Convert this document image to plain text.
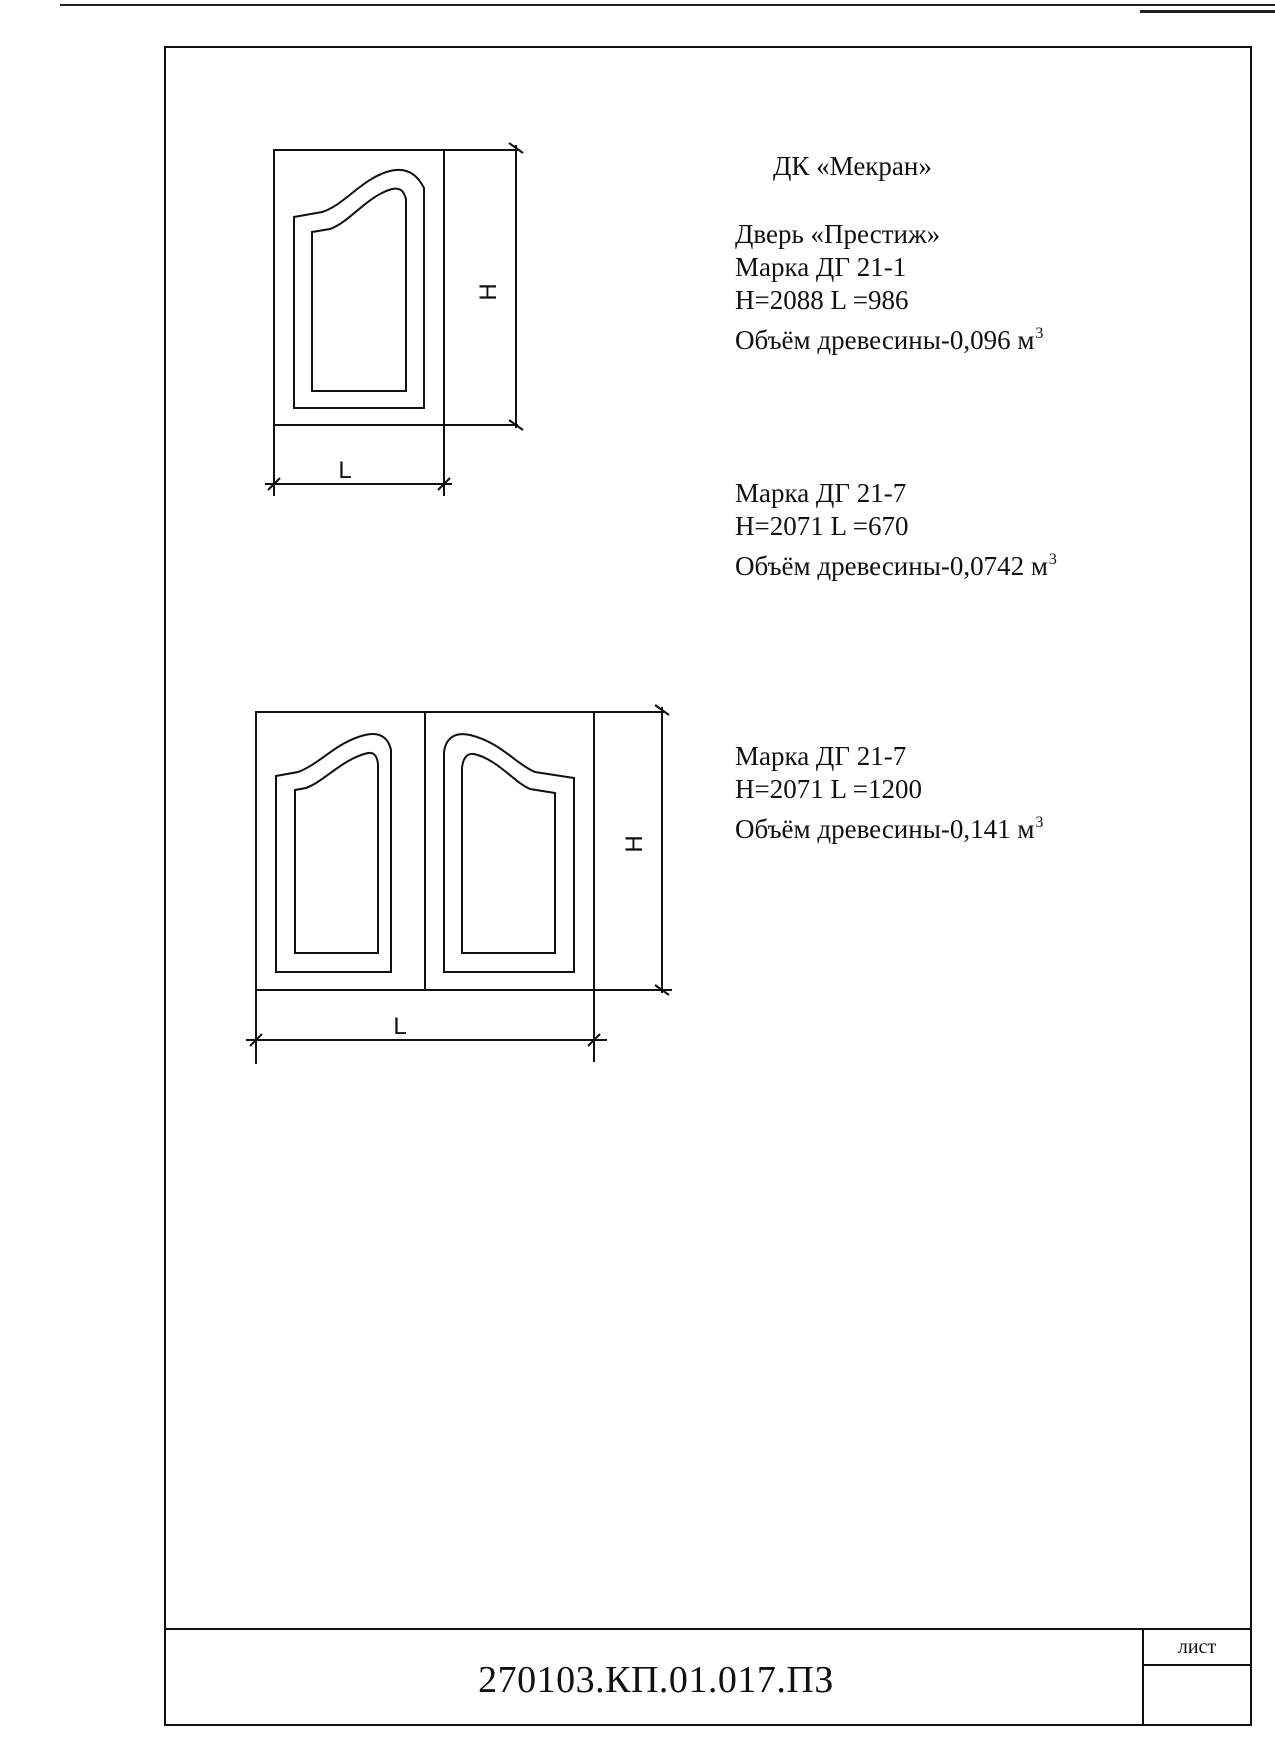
270103.КП.01.017.ПЗ
лист
H
L
H
L
ДК «Мекран»
Дверь «Престиж»
Марка ДГ 21-1
H=2088 L =986
Объём древесины-0,096 $м^3$
Марка ДГ 21-7
H=2071 L =670
Объём древесины-0,0742 $м^3$
Марка ДГ 21-7
H=2071 L =1200
Объём древесины-0,141 $м^3$
